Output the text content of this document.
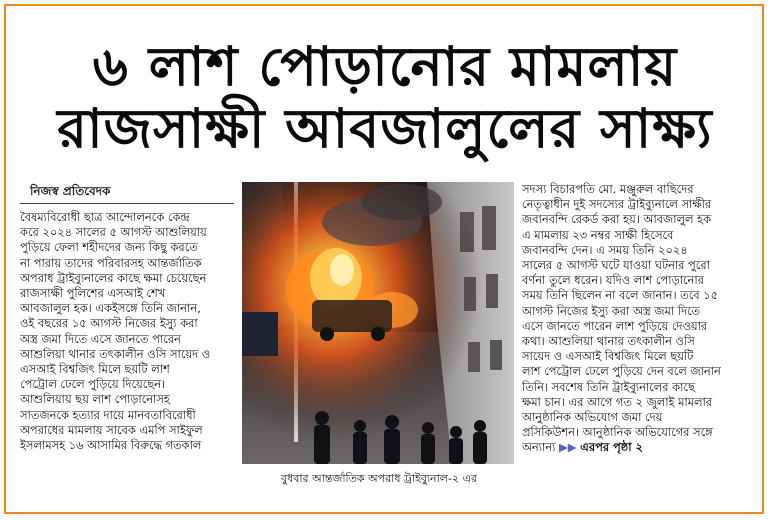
৬ লাশ পোড়ানোর মামলায়
রাজসাক্ষী আবজালুলের সাক্ষ্য
নিজস্ব প্রতিবেদক
বৈষম্যবিরোধী ছাত্র আন্দোলনকে কেন্দ্র
করে ২০২৪ সালের ৫ আগস্ট আশুলিয়ায়
পুড়িয়ে ফেলা শহীদদের জন্য কিছু করতে
না পারায় তাদের পরিবারসহ আন্তর্জাতিক
অপরাধ ট্রাইব্যুনালের কাছে ক্ষমা চেয়েছেন
রাজসাক্ষী পুলিশের এসআই শেখ
আবজালুল হক। একইসঙ্গে তিনি জানান,
ওই বছরের ১৫ আগস্ট নিজের ইস্যু করা
অস্ত্র জমা দিতে এসে জানতে পারেন
আশুলিয়া থানার তৎকালীন ওসি সায়েদ ও
এসআই বিশ্বজিৎ মিলে ছয়টি লাশ
পেট্রোল ঢেলে পুড়িয়ে দিয়েছেন।
আশুলিয়ায় ছয় লাশ পোড়ানোসহ
সাতজনকে হত্যার দায়ে মানবতাবিরোধী
অপরাধের মামলায় সাবেক এমপি সাইফুল
ইসলামসহ ১৬ আসামির বিরুদ্ধে গতকাল
বুধবার আন্তর্জাতিক অপরাধ ট্রাইব্যুনাল-২ এর
সদস্য বিচারপতি মো. মঞ্জুরুল বাছিদের
নেতৃত্বাধীন দুই সদস্যের ট্রাইব্যুনালে সাক্ষীর
জবানবন্দি রেকর্ড করা হয়। আবজালুল হক
এ মামলায় ২৩ নম্বর সাক্ষী হিসেবে
জবানবন্দি দেন। এ সময় তিনি ২০২৪
সালের ৫ আগস্ট ঘটে যাওয়া ঘটনার পুরো
বর্ণনা তুলে ধরেন। যদিও লাশ পোড়ানোর
সময় তিনি ছিলেন না বলে জানান। তবে ১৫
আগস্ট নিজের ইস্যু করা অস্ত্র জমা দিতে
এসে জানতে পারেন লাশ পুড়িয়ে দেওয়ার
কথা। আশুলিয়া থানার তৎকালীন ওসি
সায়েদ ও এসআই বিশ্বজিৎ মিলে ছয়টি
লাশ পেট্রোল ঢেলে পুড়িয়ে দেন বলে জানান
তিনি। সবশেষ তিনি ট্রাইব্যুনালের কাছে
ক্ষমা চান। এর আগে গত ২ জুলাই মামলার
আনুষ্ঠানিক অভিযোগ জমা দেয়
প্রসিকিউশন। আনুষ্ঠানিক অভিযোগের সঙ্গে
অন্যান্য ▶▶ এরপর পৃষ্ঠা ২
